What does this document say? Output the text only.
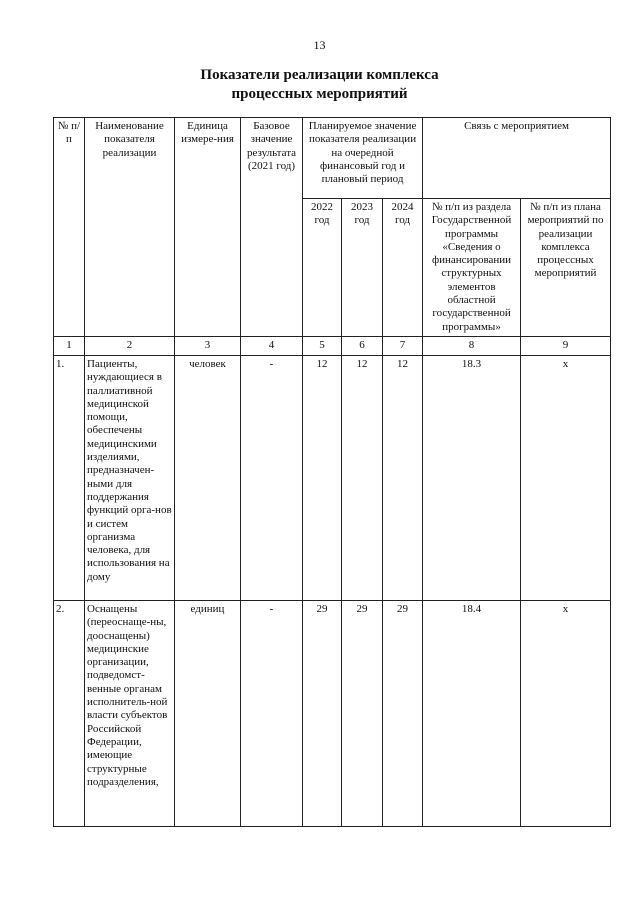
13
Показатели реализации комплекса
процессных мероприятий
№ п/п	Наименование показателя реализации	Единица измере-ния	Базовое значение результата (2021 год)	Планируемое значение показателя реализации на очередной финансовый год и плановый период			Связь с мероприятием	
				2022 год	2023 год	2024 год	№ п/п из раздела Государственной программы «Сведения о финансировании структурных элементов областной государственной программы»	№ п/п из плана мероприятий по реализации комплекса процессных мероприятий
1	2	3	4	5	6	7	8	9
1.	Пациенты, нуждающиеся в паллиативной медицинской помощи, обеспечены медицинскими изделиями, предназначен-ными для поддержания функций орга-нов и систем организма человека, для использования на дому	человек	-	12	12	12	18.3	x
2.	Оснащены (переоснаще-ны, дооснащены) медицинские организации, подведомст-венные органам исполнитель-ной власти субъектов Российской Федерации, имеющие структурные подразделения,	единиц	-	29	29	29	18.4	x
